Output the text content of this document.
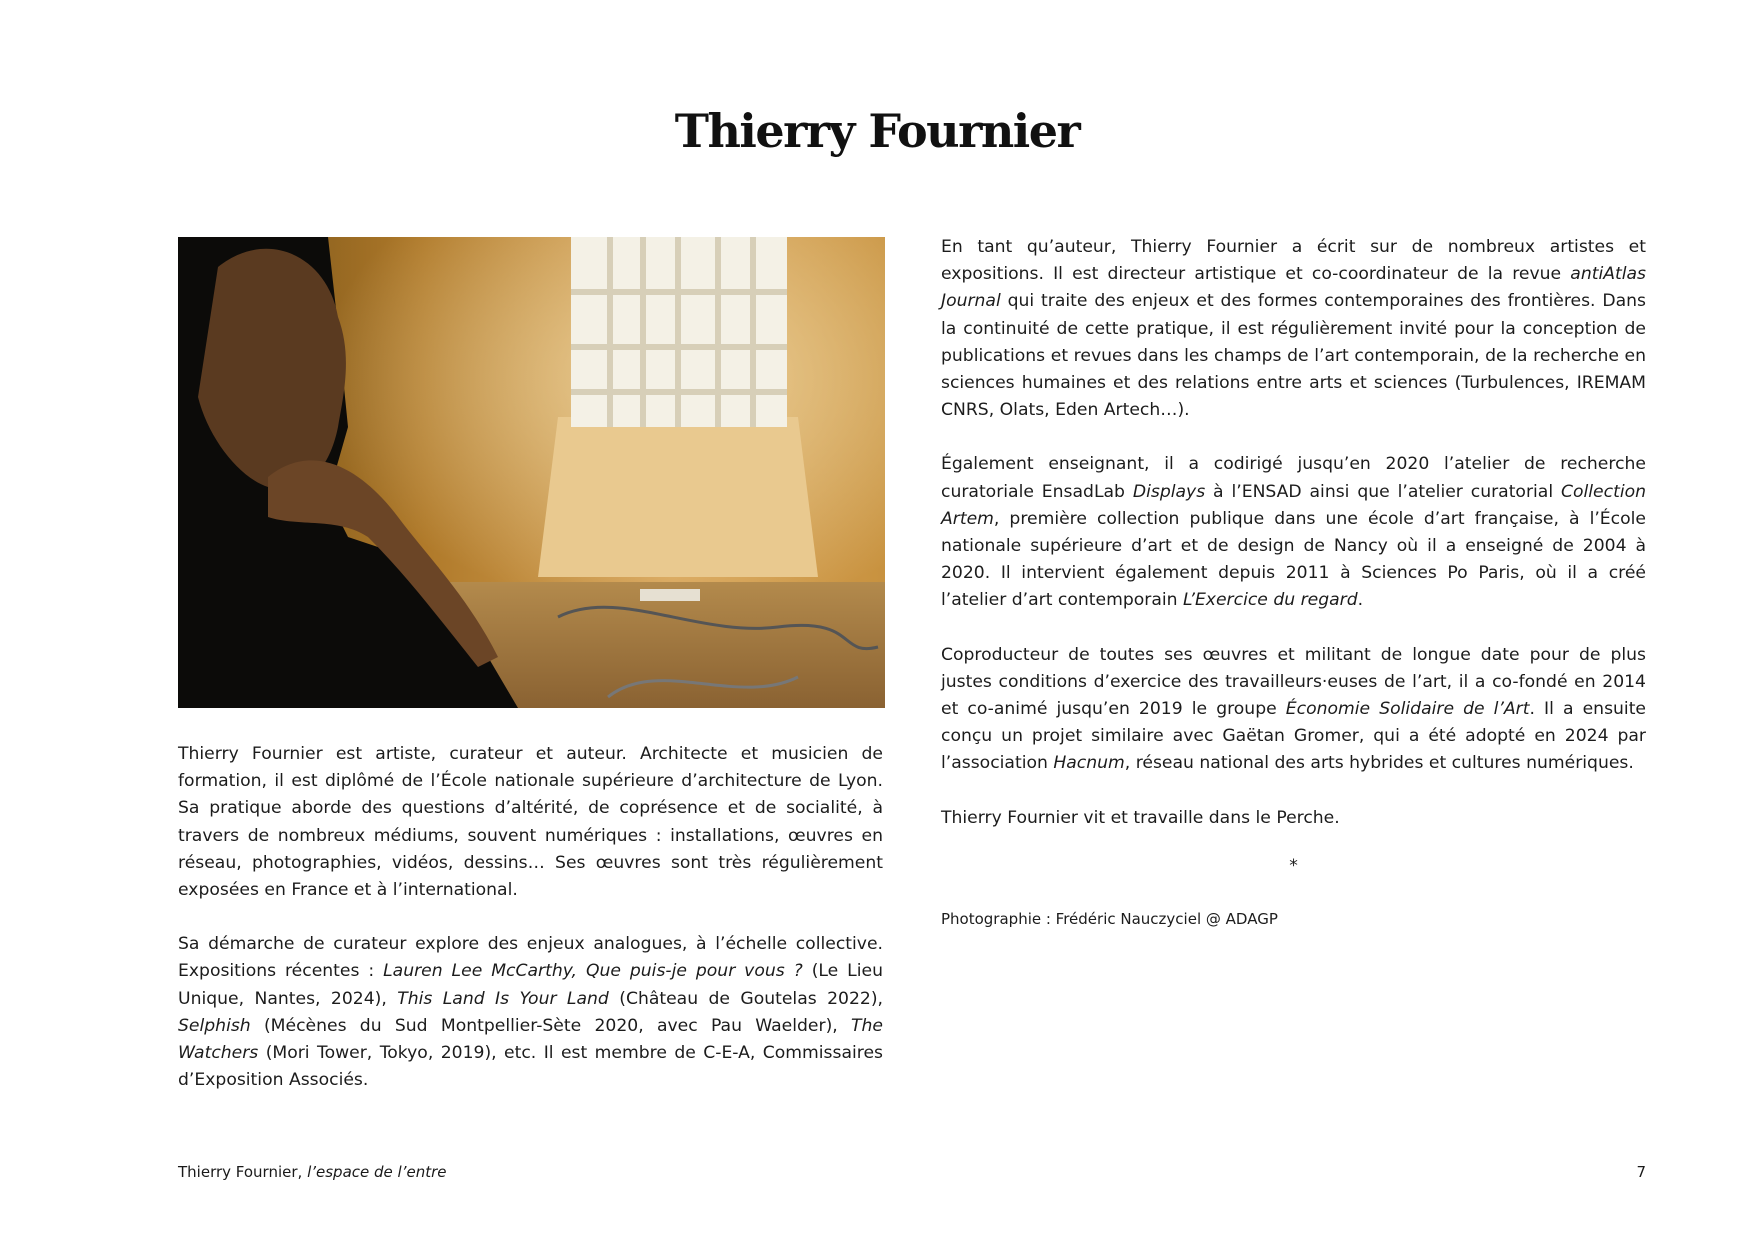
Thierry Fournier

Thierry Fournier est artiste, curateur et auteur. Architecte et musicien de formation, il est diplômé de l’École nationale supérieure d’architecture de Lyon. Sa pratique aborde des questions d’altérité, de coprésence et de socialité, à travers de nombreux médiums, souvent numériques : installations, œuvres en réseau, photographies, vidéos, dessins… Ses œuvres sont très régulièrement exposées en France et à l’international.

Sa démarche de curateur explore des enjeux analogues, à l’échelle collective. Expositions récentes : Lauren Lee McCarthy, Que puis-je pour vous ? (Le Lieu Unique, Nantes, 2024), This Land Is Your Land (Château de Goutelas 2022), Selphish (Mécènes du Sud Montpellier-Sète 2020, avec Pau Waelder), The Watchers (Mori Tower, Tokyo, 2019), etc. Il est membre de C-E-A, Commissaires d’Exposition Associés.

En tant qu’auteur, Thierry Fournier a écrit sur de nombreux artistes et expositions. Il est directeur artistique et co-coordinateur de la revue antiAtlas Journal qui traite des enjeux et des formes contemporaines des frontières. Dans la continuité de cette pratique, il est régulièrement invité pour la conception de publications et revues dans les champs de l’art contemporain, de la recherche en sciences humaines et des relations entre arts et sciences (Turbulences, IREMAM CNRS, Olats, Eden Artech…).

Également enseignant, il a codirigé jusqu’en 2020 l’atelier de recherche curatoriale EnsadLab Displays à l’ENSAD ainsi que l’atelier curatorial Collection Artem, première collection publique dans une école d’art française, à l’École nationale supérieure d’art et de design de Nancy où il a enseigné de 2004 à 2020. Il intervient également depuis 2011 à Sciences Po Paris, où il a créé l’atelier d’art contemporain L’Exercice du regard.

Coproducteur de toutes ses œuvres et militant de longue date pour de plus justes conditions d’exercice des travailleurs·euses de l’art, il a co-fondé en 2014 et co-animé jusqu’en 2019 le groupe Économie Solidaire de l’Art. Il a ensuite conçu un projet similaire avec Gaëtan Gromer, qui a été adopté en 2024 par l’association Hacnum, réseau national des arts hybrides et cultures numériques.

Thierry Fournier vit et travaille dans le Perche.

*
Photographie : Frédéric Nauczyciel @ ADAGP
Thierry Fournier, l’espace de l’entre	7
